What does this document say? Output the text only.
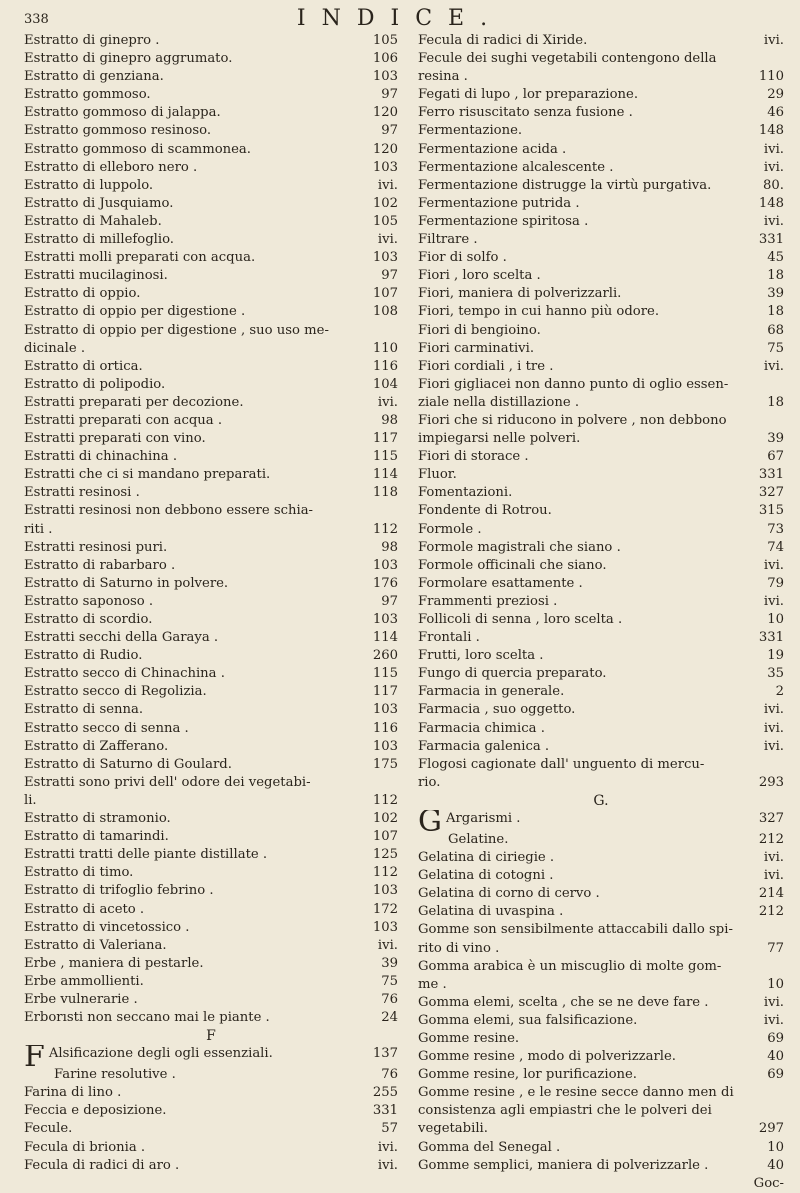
338	INDICE.
Estratto di ginepro .	105
Estratto di ginepro aggrumato.	106
Estratto di genziana.	103
Estratto gommoso.	97
Estratto gommoso di jalappa.	120
Estratto gommoso resinoso.	97
Estratto gommoso di scammonea.	120
Estratto di elleboro nero .	103
Estratto di luppolo.	ivi.
Estratto di Jusquiamo.	102
Estratto di Mahaleb.	105
Estratto di millefoglio.	ivi.
Estratti molli preparati con acqua.	103
Estratti mucilaginosi.	97
Estratto di oppio.	107
Estratto di oppio per digestione .	108
Estratto di oppio per digestione , suo uso me-
dicinale .	110
Estratto di ortica.	116
Estratto di polipodio.	104
Estratti preparati per decozione.	ivi.
Estratti preparati con acqua .	98
Estratti preparati con vino.	117
Estratti di chinachina .	115
Estratti che ci si mandano preparati.	114
Estratti resinosi .	118
Estratti resinosi non debbono essere schia-
riti .	112
Estratti resinosi puri.	98
Estratto di rabarbaro .	103
Estratto di Saturno in polvere.	176
Estratto saponoso .	97
Estratto di scordio.	103
Estratti secchi della Garaya .	114
Estratto di Rudio.	260
Estratto secco di Chinachina .	115
Estratto secco di Regolizia.	117
Estratto di senna.	103
Estratto secco di senna .	116
Estratto di Zafferano.	103
Estratto di Saturno di Goulard.	175
Estratti sono privi dell' odore dei vegetabi-
li.	112
Estratto di stramonio.	102
Estratto di tamarindi.	107
Estratti tratti delle piante distillate .	125
Estratto di timo.	112
Estratto di trifoglio febrino .	103
Estratto di aceto .	172
Estratto di vincetossico .	103
Estratto di Valeriana.	ivi.
Erbe , maniera di pestarle.	39
Erbe ammollienti.	75
Erbe vulnerarie .	76
Erborısti non seccano mai le piante .	24
F
F Alsificazione degli ogli essenziali.	137
Farine resolutive .	76
Farina di lino .	255
Feccia e deposizione.	331
Fecule.	57
Fecula di brionia .	ivi.
Fecula di radici di aro .	ivi.
Fecula di radici di Xiride.	ivi.
Fecule dei sughi vegetabili contengono della
resina .	110
Fegati di lupo , lor preparazione.	29
Ferro risuscitato senza fusione .	46
Fermentazione.	148
Fermentazione acida .	ivi.
Fermentazione alcalescente .	ivi.
Fermentazione distrugge la virtù purgativa.	80.
Fermentazione putrida .	148
Fermentazione spiritosa .	ivi.
Filtrare .	331
Fior di solfo .	45
Fiori , loro scelta .	18
Fiori, maniera di polverizzarli.	39
Fiori, tempo in cui hanno più odore.	18
Fiori di bengioino.	68
Fiori carminativi.	75
Fiori cordiali , i tre .	ivi.
Fiori gigliacei non danno punto di oglio essen-
ziale nella distillazione .	18
Fiori che si riducono in polvere , non debbono
impiegarsi nelle polveri.	39
Fiori di storace .	67
Fluor.	331
Fomentazioni.	327
Fondente di Rotrou.	315
Formole .	73
Formole magistrali che siano .	74
Formole officinali che siano.	ivi.
Formolare esattamente .	79
Frammenti preziosi .	ivi.
Follicoli di senna , loro scelta .	10
Frontali .	331
Frutti, loro scelta .	19
Fungo di quercia preparato.	35
Farmacia in generale.	2
Farmacia , suo oggetto.	ivi.
Farmacia chimica .	ivi.
Farmacia galenica .	ivi.
Flogosi cagionate dall' unguento di mercu-
rio.	293
G.
G Argarismi .	327
Gelatine.	212
Gelatina di ciriegie .	ivi.
Gelatina di cotogni .	ivi.
Gelatina di corno di cervo .	214
Gelatina di uvaspina .	212
Gomme son sensibilmente attaccabili dallo spi-
rito di vino .	77
Gomma arabica è un miscuglio di molte gom-
me .	10
Gomma elemi, scelta , che se ne deve fare .	ivi.
Gomma elemi, sua falsificazione.	ivi.
Gomme resine.	69
Gomme resine , modo di polverizzarle.	40
Gomme resine, lor purificazione.	69
Gomme resine , e le resine secce danno men di
consistenza agli empiastri che le polveri dei
vegetabili.	297
Gomma del Senegal .	10
Gomme semplici, maniera di polverizzarle .	40
Goc-
